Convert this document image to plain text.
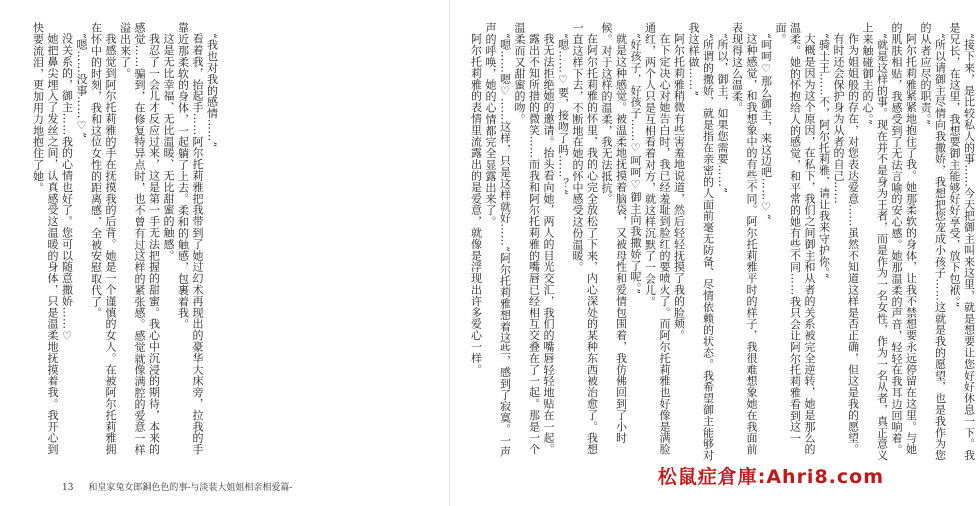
“我也对我的感情……”

看着我，抬起手……阿尔托莉雅把我带到了她过幻术再现出的豪华大床旁，拉我的手靠近那柔软的身体，一起躺了上去。柔和的触感，包裹着我。

这是无比幸福、无比温暖、无比甜蜜的触感。

我忍了一会儿才反应过来，这是第一手无法把握的甜蜜。我心中沉浸的期待，本来的感觉……骗到，在修复特异点时，也不曾有过这样的紧张感。感觉就像满腔的爱意一样溢出来了。

我感觉到阿尔托莉雅的手在抚摸我的后背。她是一个谨慎的女人。在被阿尔托莉雅拥在怀中的时刻，我和这位女性的距离感，全被安慰取代了。

“嗯……没事……♡”

没关系的，御主……我的心情也好了。您可以随意撒娇……♡

她把鼻尖埋入了发丝之间，认真感受这温暖的身体，只是温柔地抚摸着我。我开心到快要流泪，更加用力地抱住了她。

13 和皇家兔女郎銅色色的事-与淡装大姐姐相亲相爱篇-

“接下来，是比较私人的事……今天把御主叫来这里，就是想要让您好好休息一下。我是兄长，在这里，我想要御主能够好好享受，放下包袱。”

“所以请御主尽情向我撒娇，我想把您宠成小孩子……这就是我的愿望，也是我作为您的从者应尽的职责。”

阿尔托莉雅紧紧地抱住了我。她那柔软的身体，让我不禁想要永远停留在这里。与她的肌肤相贴，我感受到了无法言喻的安心感。她那温柔的声音，轻轻在我耳边回响着。

“就是这样的事。现在并不是身为王者，而是作为一名女性，作为一名从者，真正意义上来触碰御主的心。”

作为姐姐般的存在，对您表达爱意……虽然不知道这样是否正确，但这是我的愿望。

有时还会保护身为从者的自己……

“骑士王……不，阿尔托莉雅，请让我来守护你。”

大概是因为这个原因，在私下，我们之间御主和从者的关系被完全逆转，她是那么的温柔。她的怀抱给人的感觉，和平常的她有些不同……我只会让阿尔托莉雅看到这一面。

“呵呵♡那么御主，来这边吧……♡”

这种感觉，和我想象中的有些不同。阿尔托莉雅平时的样子，我很难想象她在我面前表现得这么温柔。

“所以，御主，如果您需要……”

“所谓的撒娇，就是指在亲密的人面前毫无防备、尽情依赖的状态。我希望御主能够对我这样做……”

阿尔托莉雅稍微有些害羞地说道，然后轻轻抚摸了我的脸颊。

在下定决心对她告白时，我已经羞耻到脸红的要喷火了。而阿尔托莉雅也好像是满脸通红，两个人只是互相看着对方，就这样沉默了一会儿。

“好孩子，好孩子……♡呵呵♡御主向我撒娇了呢。”

就是这种感觉。被温柔地抚摸着脑袋，又被母性和爱情包围着，我仿佛回到了小时候。对于这样的温柔，我无法抵抗。

在阿尔托莉雅的怀里，我的心完全放松了下来，内心深处的某种东西被治愈了。我想一直这样下去，不断地在她的怀中感受这份温暖。

“嗯……♡要，接吻了吗……？”

我无法拒绝她的邀请。抬头看向她，两人的目光交汇，我们的嘴唇轻轻地贴在一起。

露出不知所措的微笑……而我和阿尔托莉雅的嘴唇已经相互交叠在了一起。那是一个温柔而又甜蜜的吻。

“嗯……嗯♡……这样，只是这样就好……”阿尔托莉雅想着这些，感到了寂寞。一声声的呼唤，她的心情都完全显露出来了。

阿尔托莉雅的表情里流露出的是爱意，就像是浮现出许多爱心一样。

松鼠症倉庫:Ahri8.com
